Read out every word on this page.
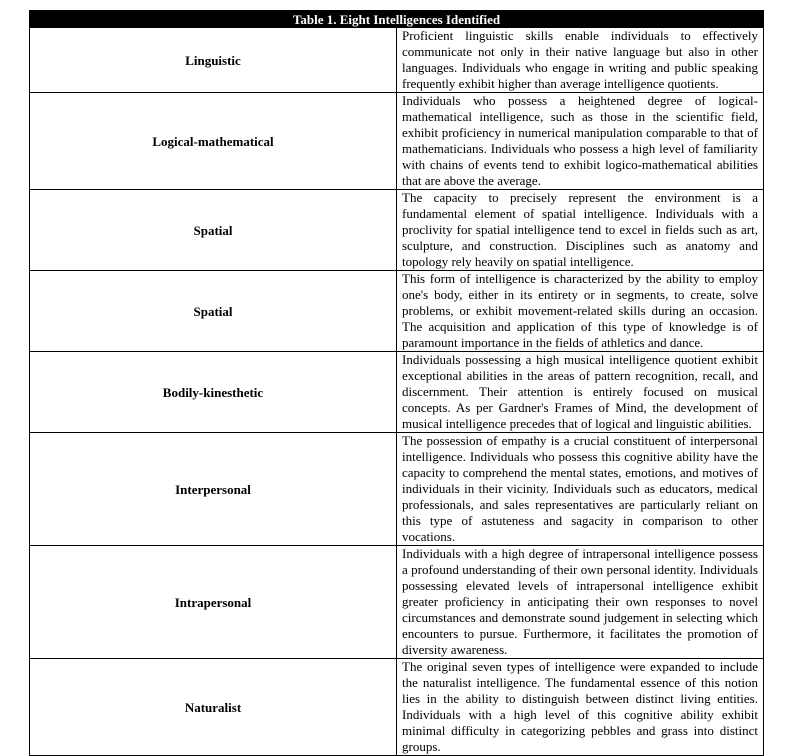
Table 1. Eight Intelligences Identified	
Linguistic	Proficient linguistic skills enable individuals to effectively communicate not only in their native language but also in other languages. Individuals who engage in writing and public speaking frequently exhibit higher than average intelligence quotients.
Logical-mathematical	Individuals who possess a heightened degree of logical-mathematical intelligence, such as those in the scientific field, exhibit proficiency in numerical manipulation comparable to that of mathematicians. Individuals who possess a high level of familiarity with chains of events tend to exhibit logico-mathematical abilities that are above the average.
Spatial	The capacity to precisely represent the environment is a fundamental element of spatial intelligence. Individuals with a proclivity for spatial intelligence tend to excel in fields such as art, sculpture, and construction. Disciplines such as anatomy and topology rely heavily on spatial intelligence.
Spatial	This form of intelligence is characterized by the ability to employ one's body, either in its entirety or in segments, to create, solve problems, or exhibit movement-related skills during an occasion. The acquisition and application of this type of knowledge is of paramount importance in the fields of athletics and dance.
Bodily-kinesthetic	Individuals possessing a high musical intelligence quotient exhibit exceptional abilities in the areas of pattern recognition, recall, and discernment. Their attention is entirely focused on musical concepts. As per Gardner's Frames of Mind, the development of musical intelligence precedes that of logical and linguistic abilities.
Interpersonal	The possession of empathy is a crucial constituent of interpersonal intelligence. Individuals who possess this cognitive ability have the capacity to comprehend the mental states, emotions, and motives of individuals in their vicinity. Individuals such as educators, medical professionals, and sales representatives are particularly reliant on this type of astuteness and sagacity in comparison to other vocations.
Intrapersonal	Individuals with a high degree of intrapersonal intelligence possess a profound understanding of their own personal identity. Individuals possessing elevated levels of intrapersonal intelligence exhibit greater proficiency in anticipating their own responses to novel circumstances and demonstrate sound judgement in selecting which encounters to pursue. Furthermore, it facilitates the promotion of diversity awareness.
Naturalist	The original seven types of intelligence were expanded to include the naturalist intelligence. The fundamental essence of this notion lies in the ability to distinguish between distinct living entities. Individuals with a high level of this cognitive ability exhibit minimal difficulty in categorizing pebbles and grass into distinct groups.
